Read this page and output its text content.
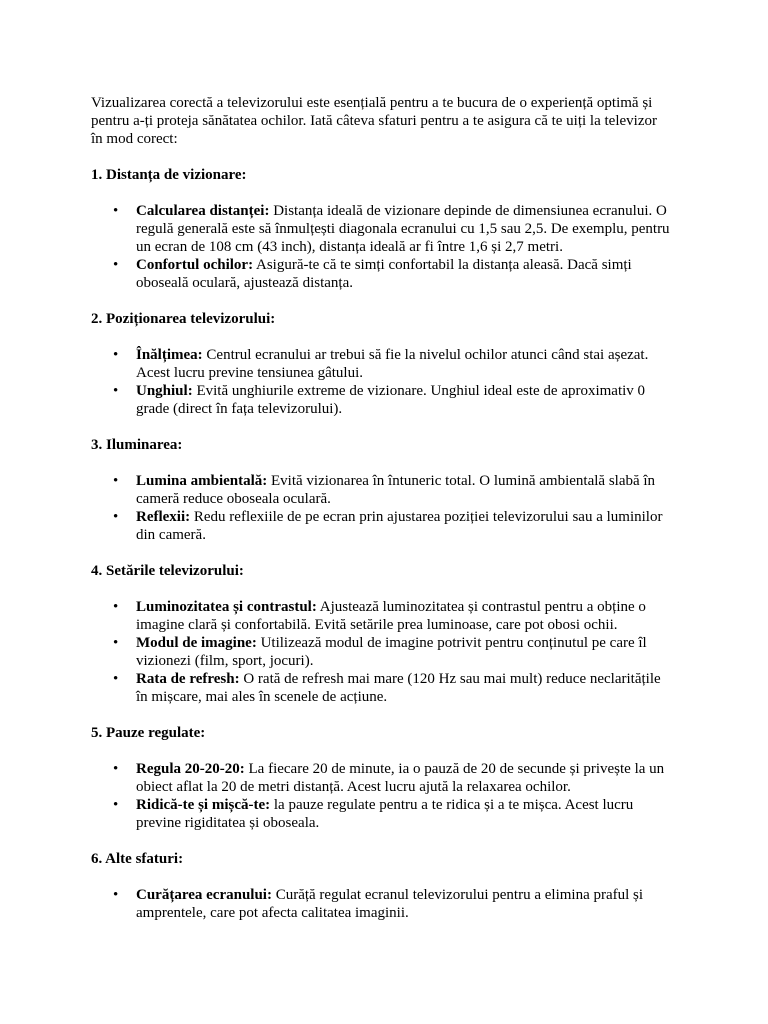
Vizualizarea corectă a televizorului este esențială pentru a te bucura de o experiență optimă și pentru a-ți proteja sănătatea ochilor. Iată câteva sfaturi pentru a te asigura că te uiți la televizor în mod corect:

1. Distanța de vizionare:
• Calcularea distanței: Distanța ideală de vizionare depinde de dimensiunea ecranului. O regulă generală este să înmulțești diagonala ecranului cu 1,5 sau 2,5. De exemplu, pentru un ecran de 108 cm (43 inch), distanța ideală ar fi între 1,6 și 2,7 metri.
• Confortul ochilor: Asigură-te că te simți confortabil la distanța aleasă. Dacă simți oboseală oculară, ajustează distanța.
2. Poziționarea televizorului:
• Înălțimea: Centrul ecranului ar trebui să fie la nivelul ochilor atunci când stai așezat. Acest lucru previne tensiunea gâtului.
• Unghiul: Evită unghiurile extreme de vizionare. Unghiul ideal este de aproximativ 0 grade (direct în fața televizorului).
3. Iluminarea:
• Lumina ambientală: Evită vizionarea în întuneric total. O lumină ambientală slabă în cameră reduce oboseala oculară.
• Reflexii: Redu reflexiile de pe ecran prin ajustarea poziției televizorului sau a luminilor din cameră.
4. Setările televizorului:
• Luminozitatea și contrastul: Ajustează luminozitatea și contrastul pentru a obține o imagine clară și confortabilă. Evită setările prea luminoase, care pot obosi ochii.
• Modul de imagine: Utilizează modul de imagine potrivit pentru conținutul pe care îl vizionezi (film, sport, jocuri).
• Rata de refresh: O rată de refresh mai mare (120 Hz sau mai mult) reduce neclaritățile în mișcare, mai ales în scenele de acțiune.
5. Pauze regulate:
• Regula 20-20-20: La fiecare 20 de minute, ia o pauză de 20 de secunde și privește la un obiect aflat la 20 de metri distanță. Acest lucru ajută la relaxarea ochilor.
• Ridică-te și mișcă-te: la pauze regulate pentru a te ridica și a te mișca. Acest lucru previne rigiditatea și oboseala.
6. Alte sfaturi:
• Curățarea ecranului: Curăță regulat ecranul televizorului pentru a elimina praful și amprentele, care pot afecta calitatea imaginii.
